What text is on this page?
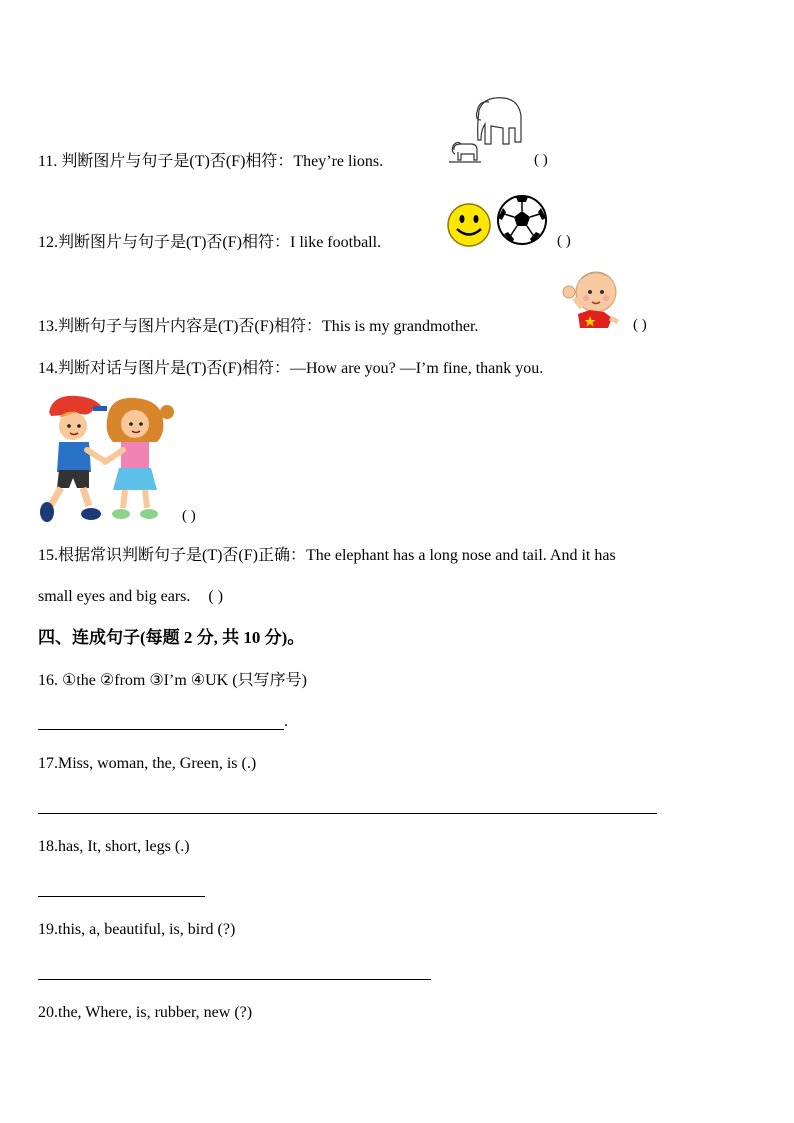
11. 判断图片与句子是(T)否(F)相符：They’re lions.	( )
12.判断图片与句子是(T)否(F)相符：I like football.	( )
13.判断句子与图片内容是(T)否(F)相符：This is my grandmother.	( )
14.判断对话与图片是(T)否(F)相符：—How are you? —I’m fine, thank you.
( )
15.根据常识判断句子是(T)否(F)正确：The elephant has a long nose and tail. And it has
small eyes and big ears. ( )
四、连成句子(每题 2 分, 共 10 分)。
16. ①the ②from ③I’m ④UK (只写序号)
.
17.Miss, woman, the, Green, is (.)
18.has, It, short, legs (.)
19.this, a, beautiful, is, bird (?)
20.the, Where, is, rubber, new (?)
